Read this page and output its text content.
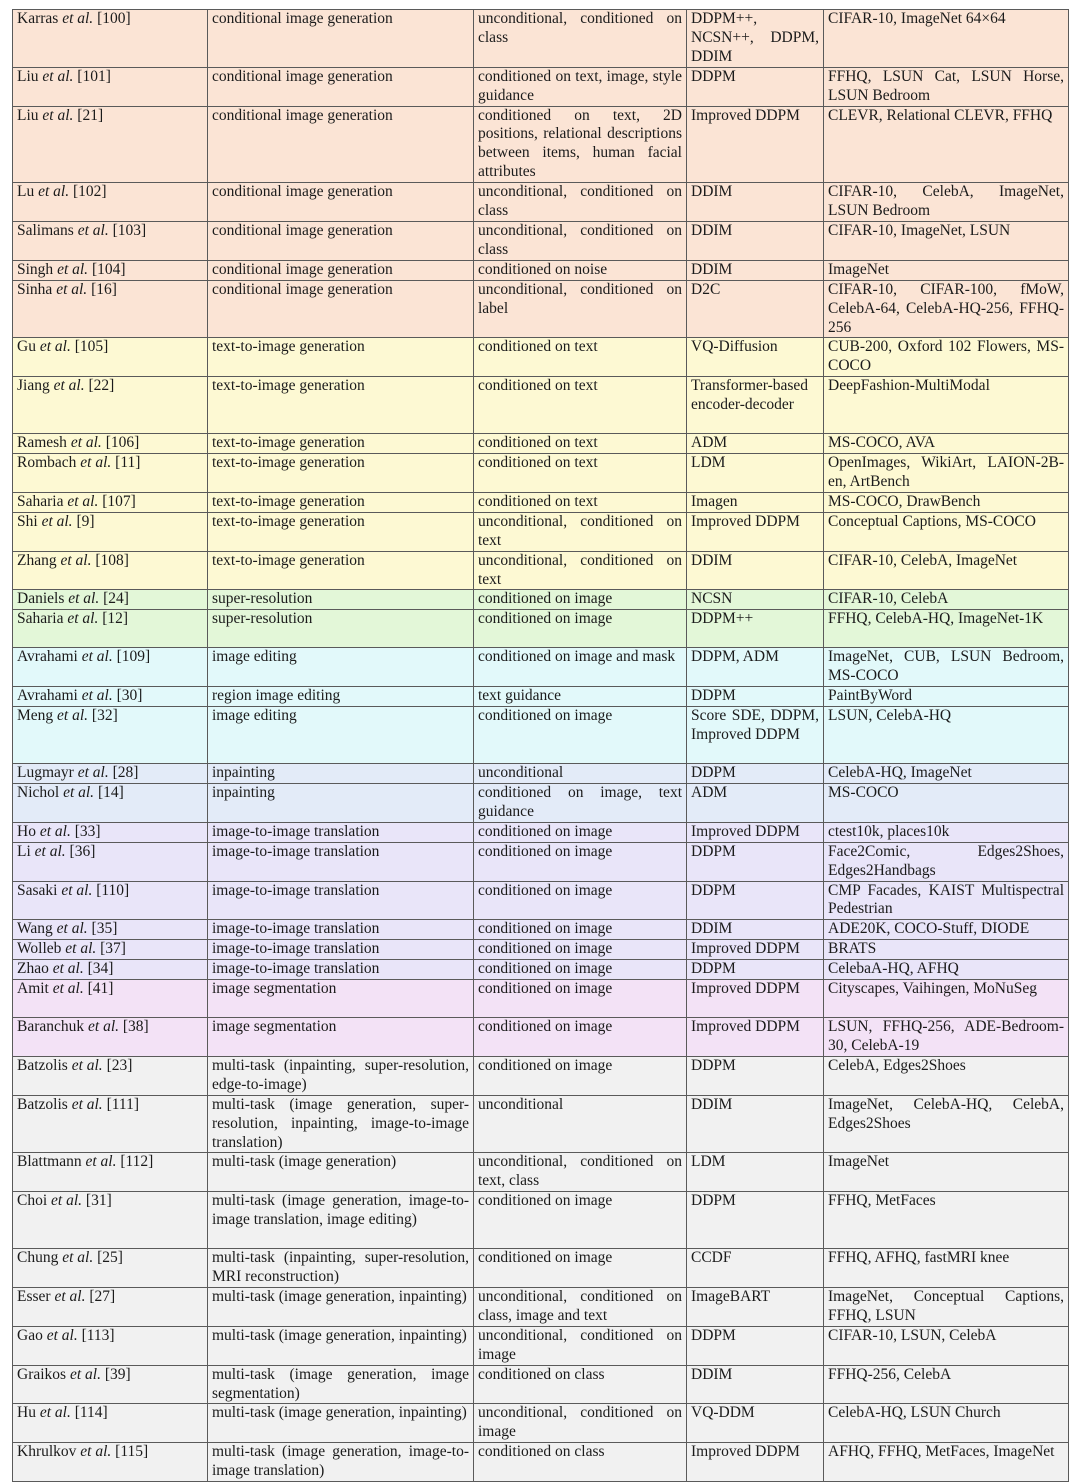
Karras et al. [100]	conditional image generation	unconditional, conditioned on class	DDPM++, NCSN++, DDPM, DDIM	CIFAR-10, ImageNet 64×64
Liu et al. [101]	conditional image generation	conditioned on text, image, style guidance	DDPM	FFHQ, LSUN Cat, LSUN Horse, LSUN Bedroom
Liu et al. [21]	conditional image generation	conditioned on text, 2D positions, relational descriptions between items, human facial attributes	Improved DDPM	CLEVR, Relational CLEVR, FFHQ
Lu et al. [102]	conditional image generation	unconditional, conditioned on class	DDIM	CIFAR-10, CelebA, ImageNet, LSUN Bedroom
Salimans et al. [103]	conditional image generation	unconditional, conditioned on class	DDIM	CIFAR-10, ImageNet, LSUN
Singh et al. [104]	conditional image generation	conditioned on noise	DDIM	ImageNet
Sinha et al. [16]	conditional image generation	unconditional, conditioned on label	D2C	CIFAR-10, CIFAR-100, fMoW, CelebA-64, CelebA-HQ-256, FFHQ-256
Gu et al. [105]	text-to-image generation	conditioned on text	VQ-Diffusion	CUB-200, Oxford 102 Flowers, MS-COCO
Jiang et al. [22]	text-to-image generation	conditioned on text	Transformer-based encoder-decoder	DeepFashion-MultiModal
Ramesh et al. [106]	text-to-image generation	conditioned on text	ADM	MS-COCO, AVA
Rombach et al. [11]	text-to-image generation	conditioned on text	LDM	OpenImages, WikiArt, LAION-2B-en, ArtBench
Saharia et al. [107]	text-to-image generation	conditioned on text	Imagen	MS-COCO, DrawBench
Shi et al. [9]	text-to-image generation	unconditional, conditioned on text	Improved DDPM	Conceptual Captions, MS-COCO
Zhang et al. [108]	text-to-image generation	unconditional, conditioned on text	DDIM	CIFAR-10, CelebA, ImageNet
Daniels et al. [24]	super-resolution	conditioned on image	NCSN	CIFAR-10, CelebA
Saharia et al. [12]	super-resolution	conditioned on image	DDPM++	FFHQ, CelebA-HQ, ImageNet-1K
Avrahami et al. [109]	image editing	conditioned on image and mask	DDPM, ADM	ImageNet, CUB, LSUN Bedroom, MS-COCO
Avrahami et al. [30]	region image editing	text guidance	DDPM	PaintByWord
Meng et al. [32]	image editing	conditioned on image	Score SDE, DDPM, Improved DDPM	LSUN, CelebA-HQ
Lugmayr et al. [28]	inpainting	unconditional	DDPM	CelebA-HQ, ImageNet
Nichol et al. [14]	inpainting	conditioned on image, text guidance	ADM	MS-COCO
Ho et al. [33]	image-to-image translation	conditioned on image	Improved DDPM	ctest10k, places10k
Li et al. [36]	image-to-image translation	conditioned on image	DDPM	Face2Comic, Edges2Shoes, Edges2Handbags
Sasaki et al. [110]	image-to-image translation	conditioned on image	DDPM	CMP Facades, KAIST Multispectral Pedestrian
Wang et al. [35]	image-to-image translation	conditioned on image	DDIM	ADE20K, COCO-Stuff, DIODE
Wolleb et al. [37]	image-to-image translation	conditioned on image	Improved DDPM	BRATS
Zhao et al. [34]	image-to-image translation	conditioned on image	DDPM	CelebaA-HQ, AFHQ
Amit et al. [41]	image segmentation	conditioned on image	Improved DDPM	Cityscapes, Vaihingen, MoNuSeg
Baranchuk et al. [38]	image segmentation	conditioned on image	Improved DDPM	LSUN, FFHQ-256, ADE-Bedroom-30, CelebA-19
Batzolis et al. [23]	multi-task (inpainting, super-resolution, edge-to-image)	conditioned on image	DDPM	CelebA, Edges2Shoes
Batzolis et al. [111]	multi-task (image generation, super-resolution, inpainting, image-to-image translation)	unconditional	DDIM	ImageNet, CelebA-HQ, CelebA, Edges2Shoes
Blattmann et al. [112]	multi-task (image generation)	unconditional, conditioned on text, class	LDM	ImageNet
Choi et al. [31]	multi-task (image generation, image-to-image translation, image editing)	conditioned on image	DDPM	FFHQ, MetFaces
Chung et al. [25]	multi-task (inpainting, super-resolution, MRI reconstruction)	conditioned on image	CCDF	FFHQ, AFHQ, fastMRI knee
Esser et al. [27]	multi-task (image generation, inpainting)	unconditional, conditioned on class, image and text	ImageBART	ImageNet, Conceptual Captions, FFHQ, LSUN
Gao et al. [113]	multi-task (image generation, inpainting)	unconditional, conditioned on image	DDPM	CIFAR-10, LSUN, CelebA
Graikos et al. [39]	multi-task (image generation, image segmentation)	conditioned on class	DDIM	FFHQ-256, CelebA
Hu et al. [114]	multi-task (image generation, inpainting)	unconditional, conditioned on image	VQ-DDM	CelebA-HQ, LSUN Church
Khrulkov et al. [115]	multi-task (image generation, image-to-image translation)	conditioned on class	Improved DDPM	AFHQ, FFHQ, MetFaces, ImageNet
